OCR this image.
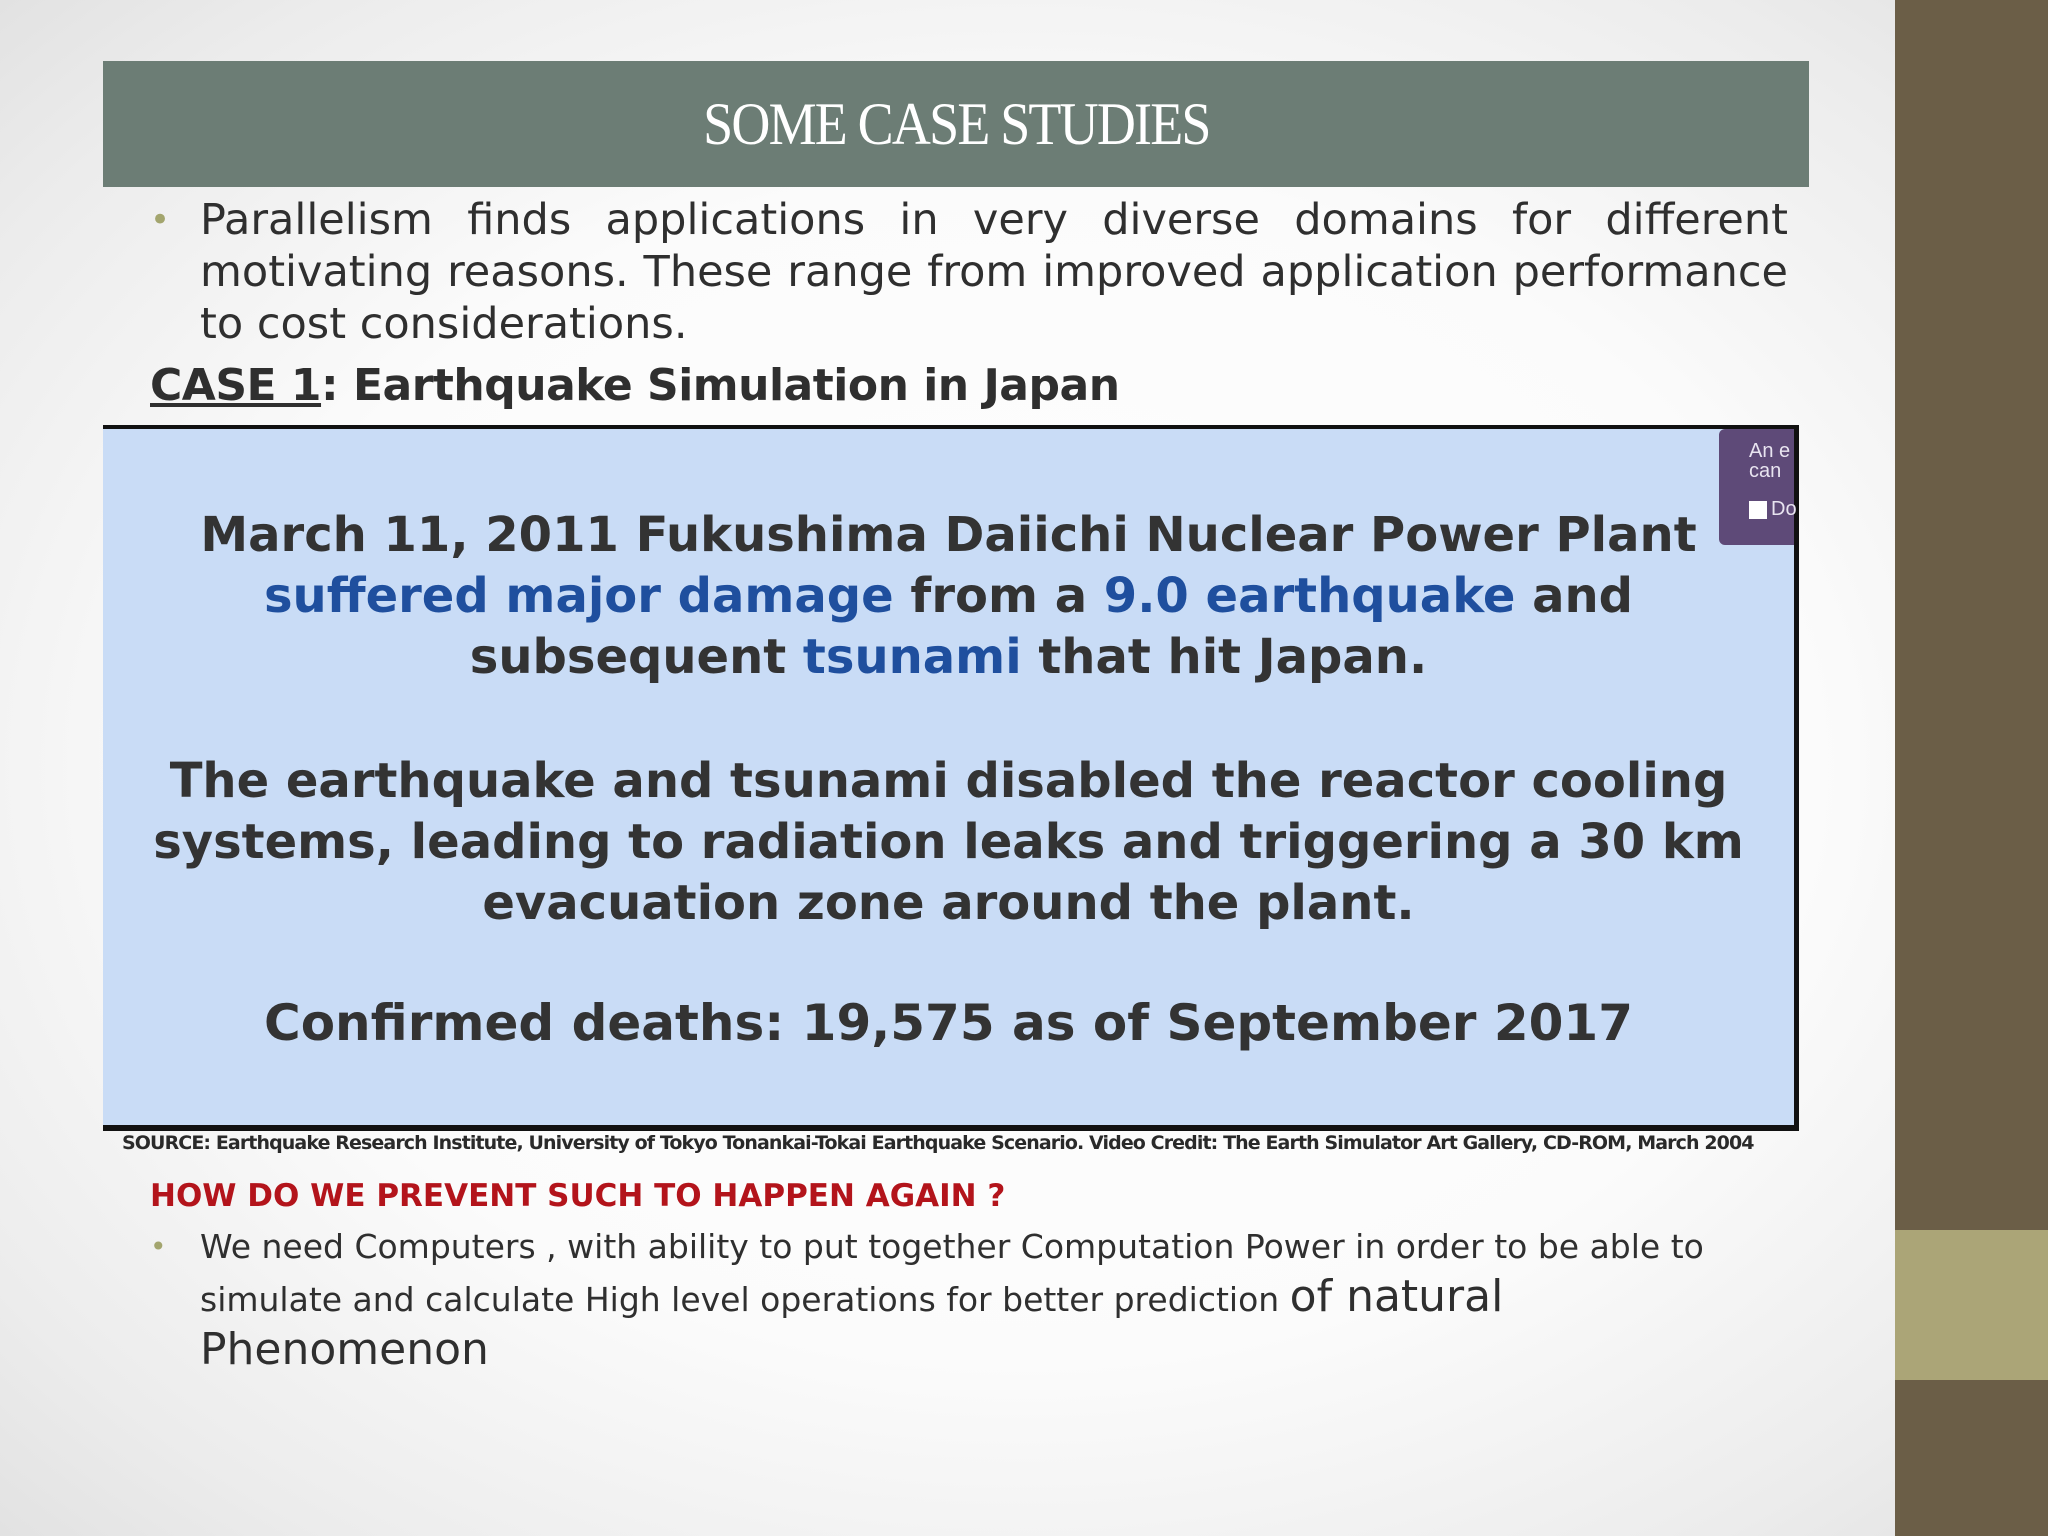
SOME CASE STUDIES
• Parallelism finds applications in very diverse domains for different motivating reasons. These range from improved application performance to cost considerations.
CASE 1: Earthquake Simulation in Japan
March 11, 2011 Fukushima Daiichi Nuclear Power Plant suffered major damage from a 9.0 earthquake and subsequent tsunami that hit Japan.
The earthquake and tsunami disabled the reactor cooling systems, leading to radiation leaks and triggering a 30 km evacuation zone around the plant.
Confirmed deaths: 19,575 as of September 2017
An e
can
Do
SOURCE: Earthquake Research Institute, University of Tokyo Tonankai-Tokai Earthquake Scenario. Video Credit: The Earth Simulator Art Gallery, CD-ROM, March 2004
HOW DO WE PREVENT SUCH TO HAPPEN AGAIN ?
• We need Computers , with ability to put together Computation Power in order to be able to simulate and calculate High level operations for better prediction of natural Phenomenon
